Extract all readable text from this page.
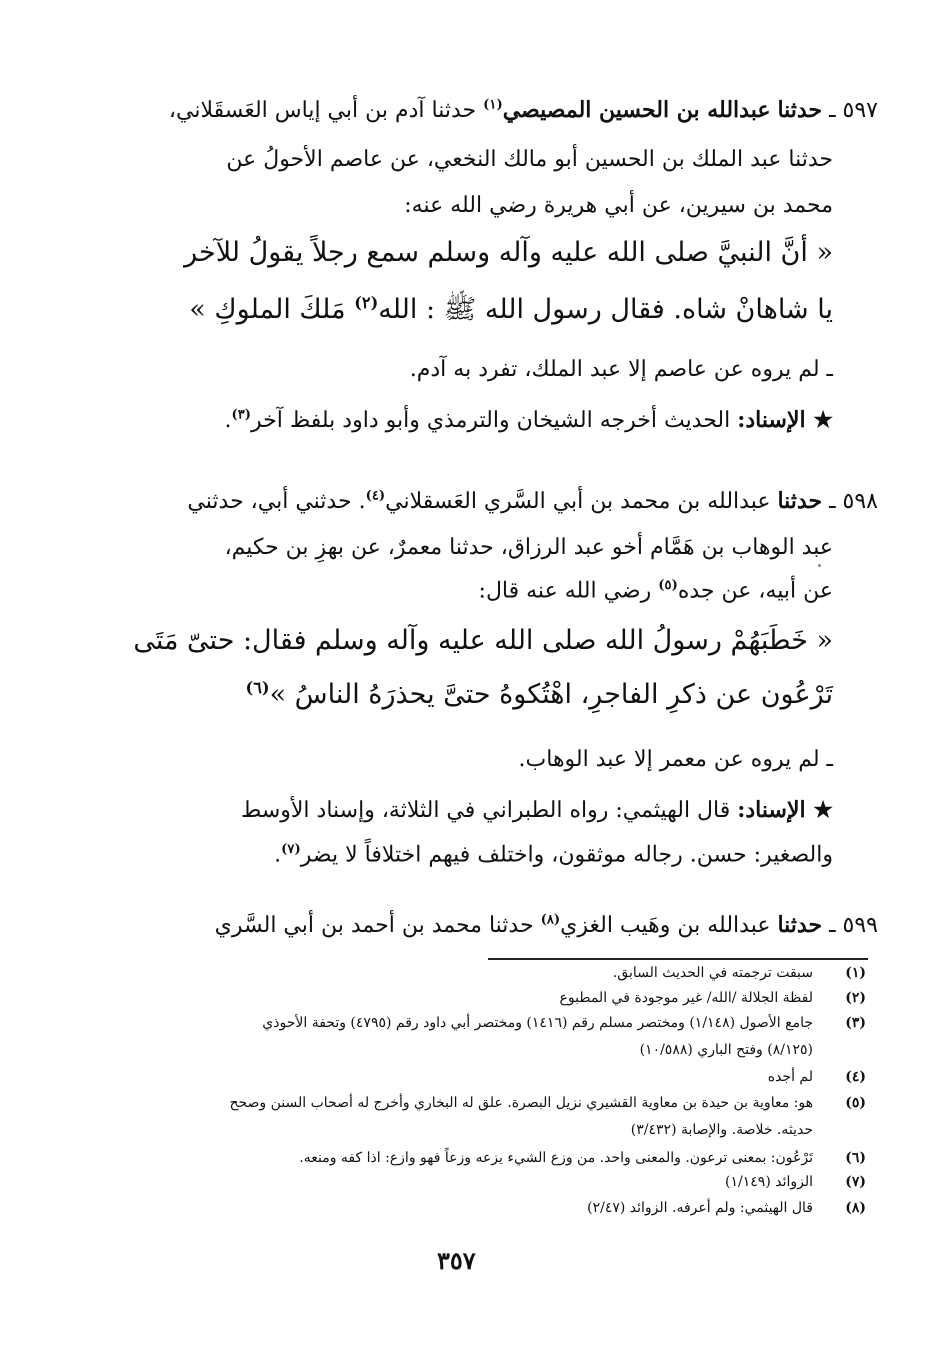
٥٩٧ ـ حدثنا عبدالله بن الحسين المصيصي$^{(١)}$ حدثنا آدم بن أبي إياس العَسقَلاني،
حدثنا عبد الملك بن الحسين أبو مالك النخعي، عن عاصم الأحولُ عن
محمد بن سيرين، عن أبي هريرة رضي الله عنه:
« أنَّ النبيَّ صلى الله عليه وآله وسلم سمع رجلاً يقولُ للآخر
يا شاهانْ شاه. فقال رسول الله ﷺ : الله$^{(٢)}$ مَلكَ الملوكِ »
ـ لم يروه عن عاصم إلا عبد الملك، تفرد به آدم.
★ الإسناد: الحديث أخرجه الشيخان والترمذي وأبو داود بلفظ آخر$^{(٣)}$.
٥٩٨ ـ حدثنا عبدالله بن محمد بن أبي السَّري العَسقلاني$^{(٤)}$. حدثني أبي، حدثني
عبد الوهاب بن هَمَّام أخو عبد الرزاق، حدثنا معمرٌ، عن بهزِ بن حكيم،
عن أبيه، عن جده$^{(٥)}$ رضي الله عنه قال:
« خَطَبَهُمْ رسولُ الله صلى الله عليه وآله وسلم فقال: حتىّ مَتَى
تَرْعُون عن ذكرِ الفاجرِ، اهْتُكوهُ حتىَّ يحذرَهُ الناسُ »$^{(٦)}$
ـ لم يروه عن معمر إلا عبد الوهاب.
★ الإسناد: قال الهيثمي: رواه الطبراني في الثلاثة، وإسناد الأوسط
والصغير: حسن. رجاله موثقون، واختلف فيهم اختلافاً لا يضر$^{(٧)}$.
٥٩٩ ـ حدثنا عبدالله بن وهَيب الغزي$^{(٨)}$ حدثنا محمد بن أحمد بن أبي السَّري
(١)
سبقت ترجمته في الحديث السابق.
(٢)
لفظة الجلالة /الله/ غير موجودة في المطبوع
(٣)
جامع الأصول (١/١٤٨) ومختصر مسلم رقم (١٤١٦) ومختصر أبي داود رقم (٤٧٩٥) وتحفة الأحوذي
(٨/١٢٥) وفتح الباري (١٠/٥٨٨)
(٤)
لم أجده
(٥)
هو: معاوية بن حيدة بن معاوية القشيري نزيل البصرة. علق له البخاري وأخرج له أصحاب السنن وصحح
حديثه. خلاصة. والإصابة (٣/٤٣٢)
(٦)
تَرْعُون: بمعنى ترعون. والمعنى واحد. من وزع الشيء يزعه وزعاً فهو وازع: اذا كفه ومنعه.
(٧)
الزوائد (١/١٤٩)
(٨)
قال الهيثمي: ولم أعرفه. الزوائد (٢/٤٧)
٣٥٧
